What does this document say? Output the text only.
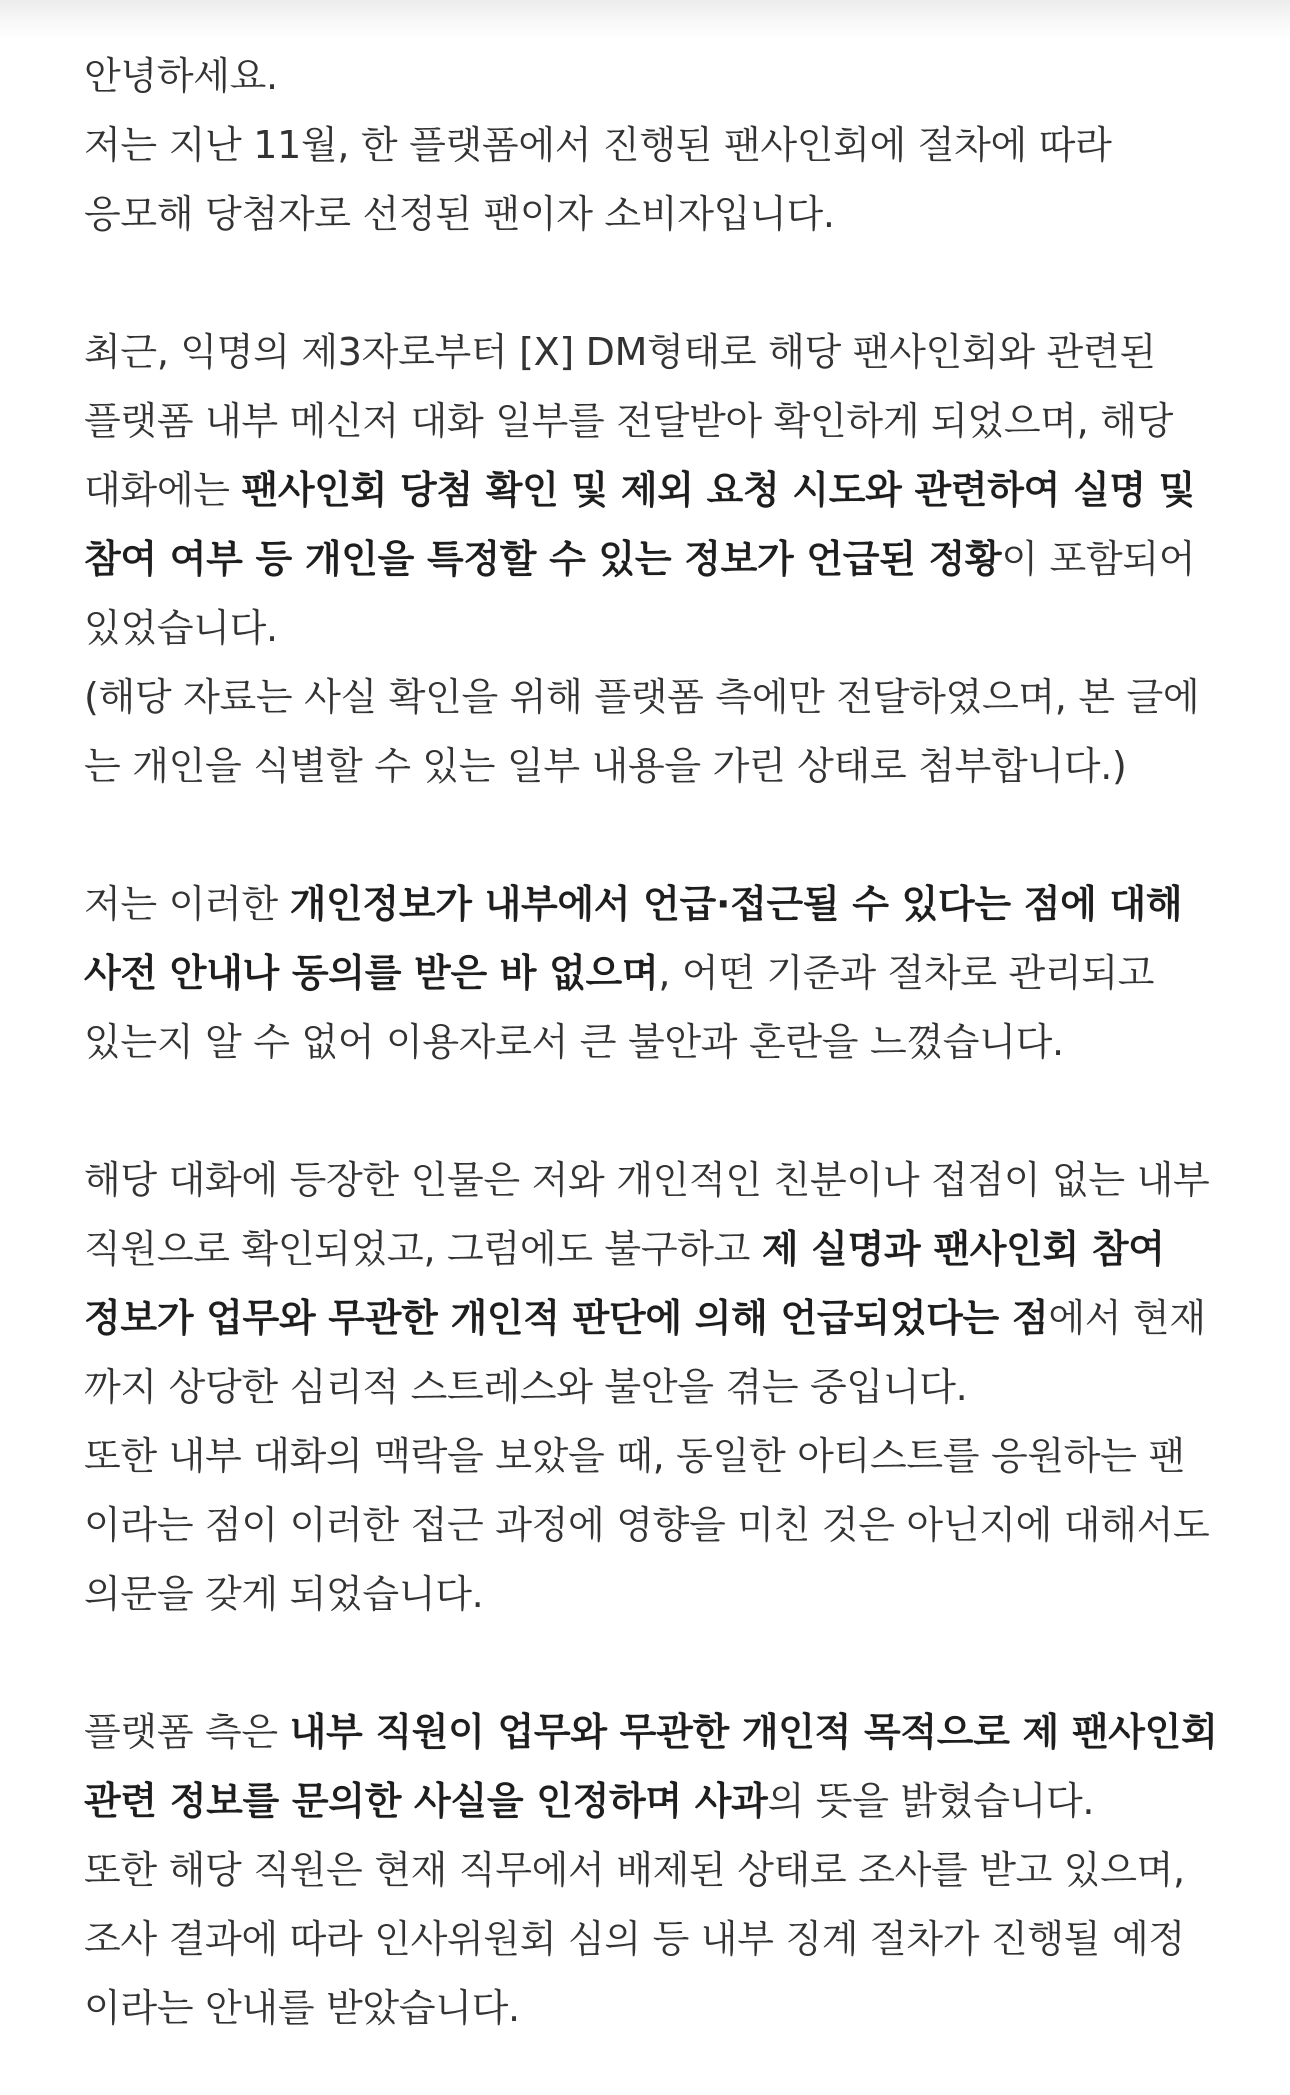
안녕하세요.
저는 지난 11월, 한 플랫폼에서 진행된 팬사인회에 절차에 따라
응모해 당첨자로 선정된 팬이자 소비자입니다.
최근, 익명의 제3자로부터 [X] DM형태로 해당 팬사인회와 관련된
플랫폼 내부 메신저 대화 일부를 전달받아 확인하게 되었으며, 해당
대화에는 팬사인회 당첨 확인 및 제외 요청 시도와 관련하여 실명 및
참여 여부 등 개인을 특정할 수 있는 정보가 언급된 정황이 포함되어
있었습니다.
(해당 자료는 사실 확인을 위해 플랫폼 측에만 전달하였으며, 본 글에
는 개인을 식별할 수 있는 일부 내용을 가린 상태로 첨부합니다.)
저는 이러한 개인정보가 내부에서 언급·접근될 수 있다는 점에 대해
사전 안내나 동의를 받은 바 없으며, 어떤 기준과 절차로 관리되고
있는지 알 수 없어 이용자로서 큰 불안과 혼란을 느꼈습니다.
해당 대화에 등장한 인물은 저와 개인적인 친분이나 접점이 없는 내부
직원으로 확인되었고, 그럼에도 불구하고 제 실명과 팬사인회 참여
정보가 업무와 무관한 개인적 판단에 의해 언급되었다는 점에서 현재
까지 상당한 심리적 스트레스와 불안을 겪는 중입니다.
또한 내부 대화의 맥락을 보았을 때, 동일한 아티스트를 응원하는 팬
이라는 점이 이러한 접근 과정에 영향을 미친 것은 아닌지에 대해서도
의문을 갖게 되었습니다.
플랫폼 측은 내부 직원이 업무와 무관한 개인적 목적으로 제 팬사인회
관련 정보를 문의한 사실을 인정하며 사과의 뜻을 밝혔습니다.
또한 해당 직원은 현재 직무에서 배제된 상태로 조사를 받고 있으며,
조사 결과에 따라 인사위원회 심의 등 내부 징계 절차가 진행될 예정
이라는 안내를 받았습니다.
